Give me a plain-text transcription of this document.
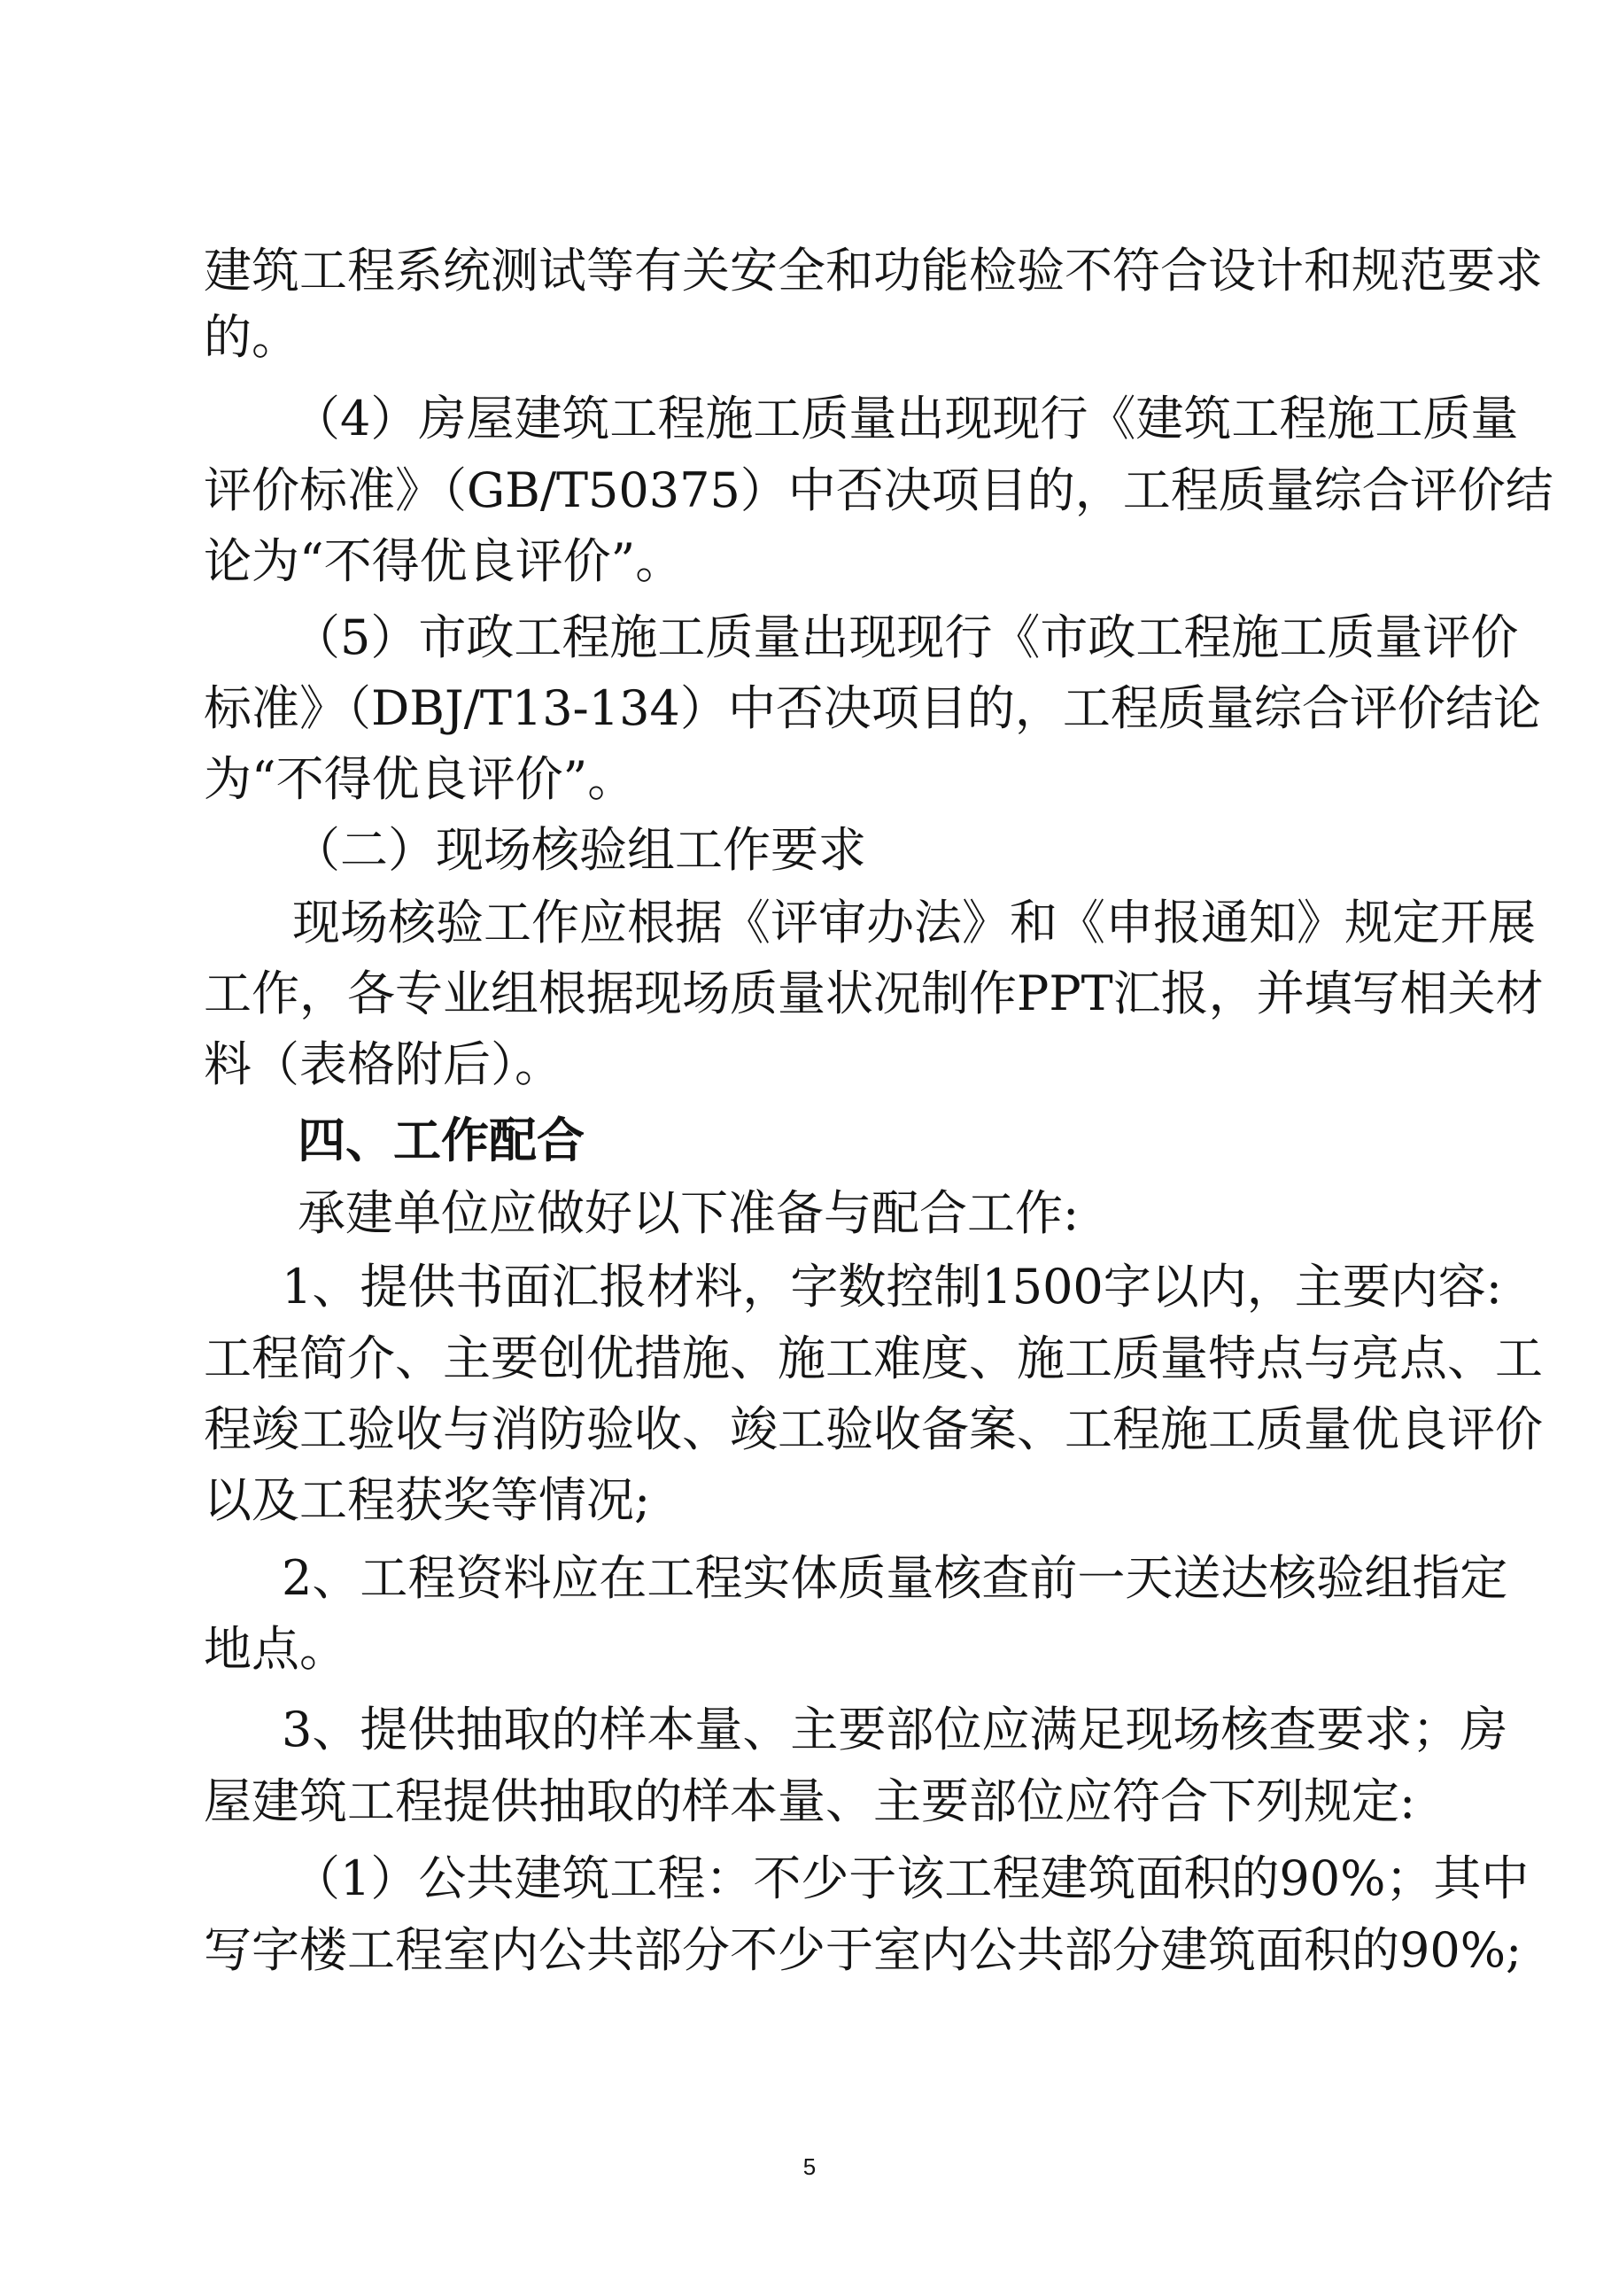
建筑工程系统测试等有关安全和功能检验不符合设计和规范要求
的。
（4）房屋建筑工程施工质量出现现行《建筑工程施工质量
评价标准》（GB/T50375）中否决项目的，工程质量综合评价结
论为“不得优良评价”。
（5）市政工程施工质量出现现行《市政工程施工质量评价
标准》（DBJ/T13-134）中否决项目的，工程质量综合评价结论
为“不得优良评价”。
（二）现场核验组工作要求
现场核验工作应根据《评审办法》和《申报通知》规定开展
工作，各专业组根据现场质量状况制作PPT汇报，并填写相关材
料（表格附后）。
四、工作配合
承建单位应做好以下准备与配合工作:
1、提供书面汇报材料，字数控制1500字以内，主要内容:
工程简介、主要创优措施、施工难度、施工质量特点与亮点、工
程竣工验收与消防验收、竣工验收备案、工程施工质量优良评价
以及工程获奖等情况;
2、工程资料应在工程实体质量核查前一天送达核验组指定
地点。
3、提供抽取的样本量、主要部位应满足现场核查要求；房
屋建筑工程提供抽取的样本量、主要部位应符合下列规定:
（1）公共建筑工程：不少于该工程建筑面积的90%；其中
写字楼工程室内公共部分不少于室内公共部分建筑面积的90%;
5
